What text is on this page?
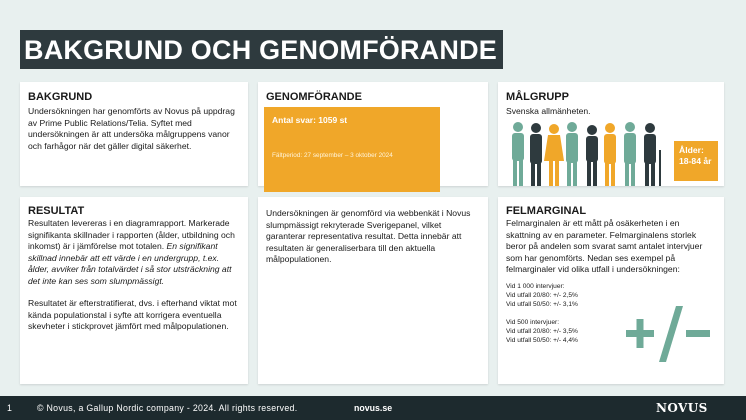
BAKGRUND OCH GENOMFÖRANDE
BAKGRUND

Undersökningen har genomförts av Novus på uppdrag av Prime Public Relations/Telia. Syftet med undersökningen är att undersöka målgruppens vanor och farhågor när det gäller digital säkerhet.

GENOMFÖRANDE
Antal svar: 1059 st
Fältperiod: 27 september – 3 oktober 2024
MÅLGRUPP

Svenska allmänheten.

Ålder:
18-84 år
RESULTAT

Resultaten levereras i en diagramrapport. Markerade signifikanta skillnader i rapporten (ålder, utbildning och inkomst) är i jämförelse mot totalen. En signifikant skillnad innebär att ett värde i en undergrupp, t.ex. ålder, avviker från totalvärdet i så stor utsträckning att det inte kan ses som slumpmässigt.

Resultatet är efterstratifierat, dvs. i efterhand viktat mot kända populationstal i syfte att korrigera eventuella skevheter i stickprovet jämfört med målpopulationen.

Undersökningen är genomförd via webbenkät i Novus slumpmässigt rekryterade Sverigepanel, vilket garanterar representativa resultat. Detta innebär att resultaten är generaliserbara till den aktuella målpopulationen.

FELMARGINAL

Felmarginalen är ett mått på osäkerheten i en skattning av en parameter. Felmarginalens storlek beror på andelen som svarat samt antalet intervjuer som har genomförts. Nedan ses exempel på felmarginaler vid olika utfall i undersökningen:

Vid 1 000 intervjuer:
Vid utfall 20/80: +/- 2,5%
Vid utfall 50/50: +/- 3,1%
Vid 500 intervjuer:
Vid utfall 20/80: +/- 3,5%
Vid utfall 50/50: +/- 4,4%
1	© Novus, a Gallup Nordic company - 2024. All rights reserved.	novus.se	NOVUS
